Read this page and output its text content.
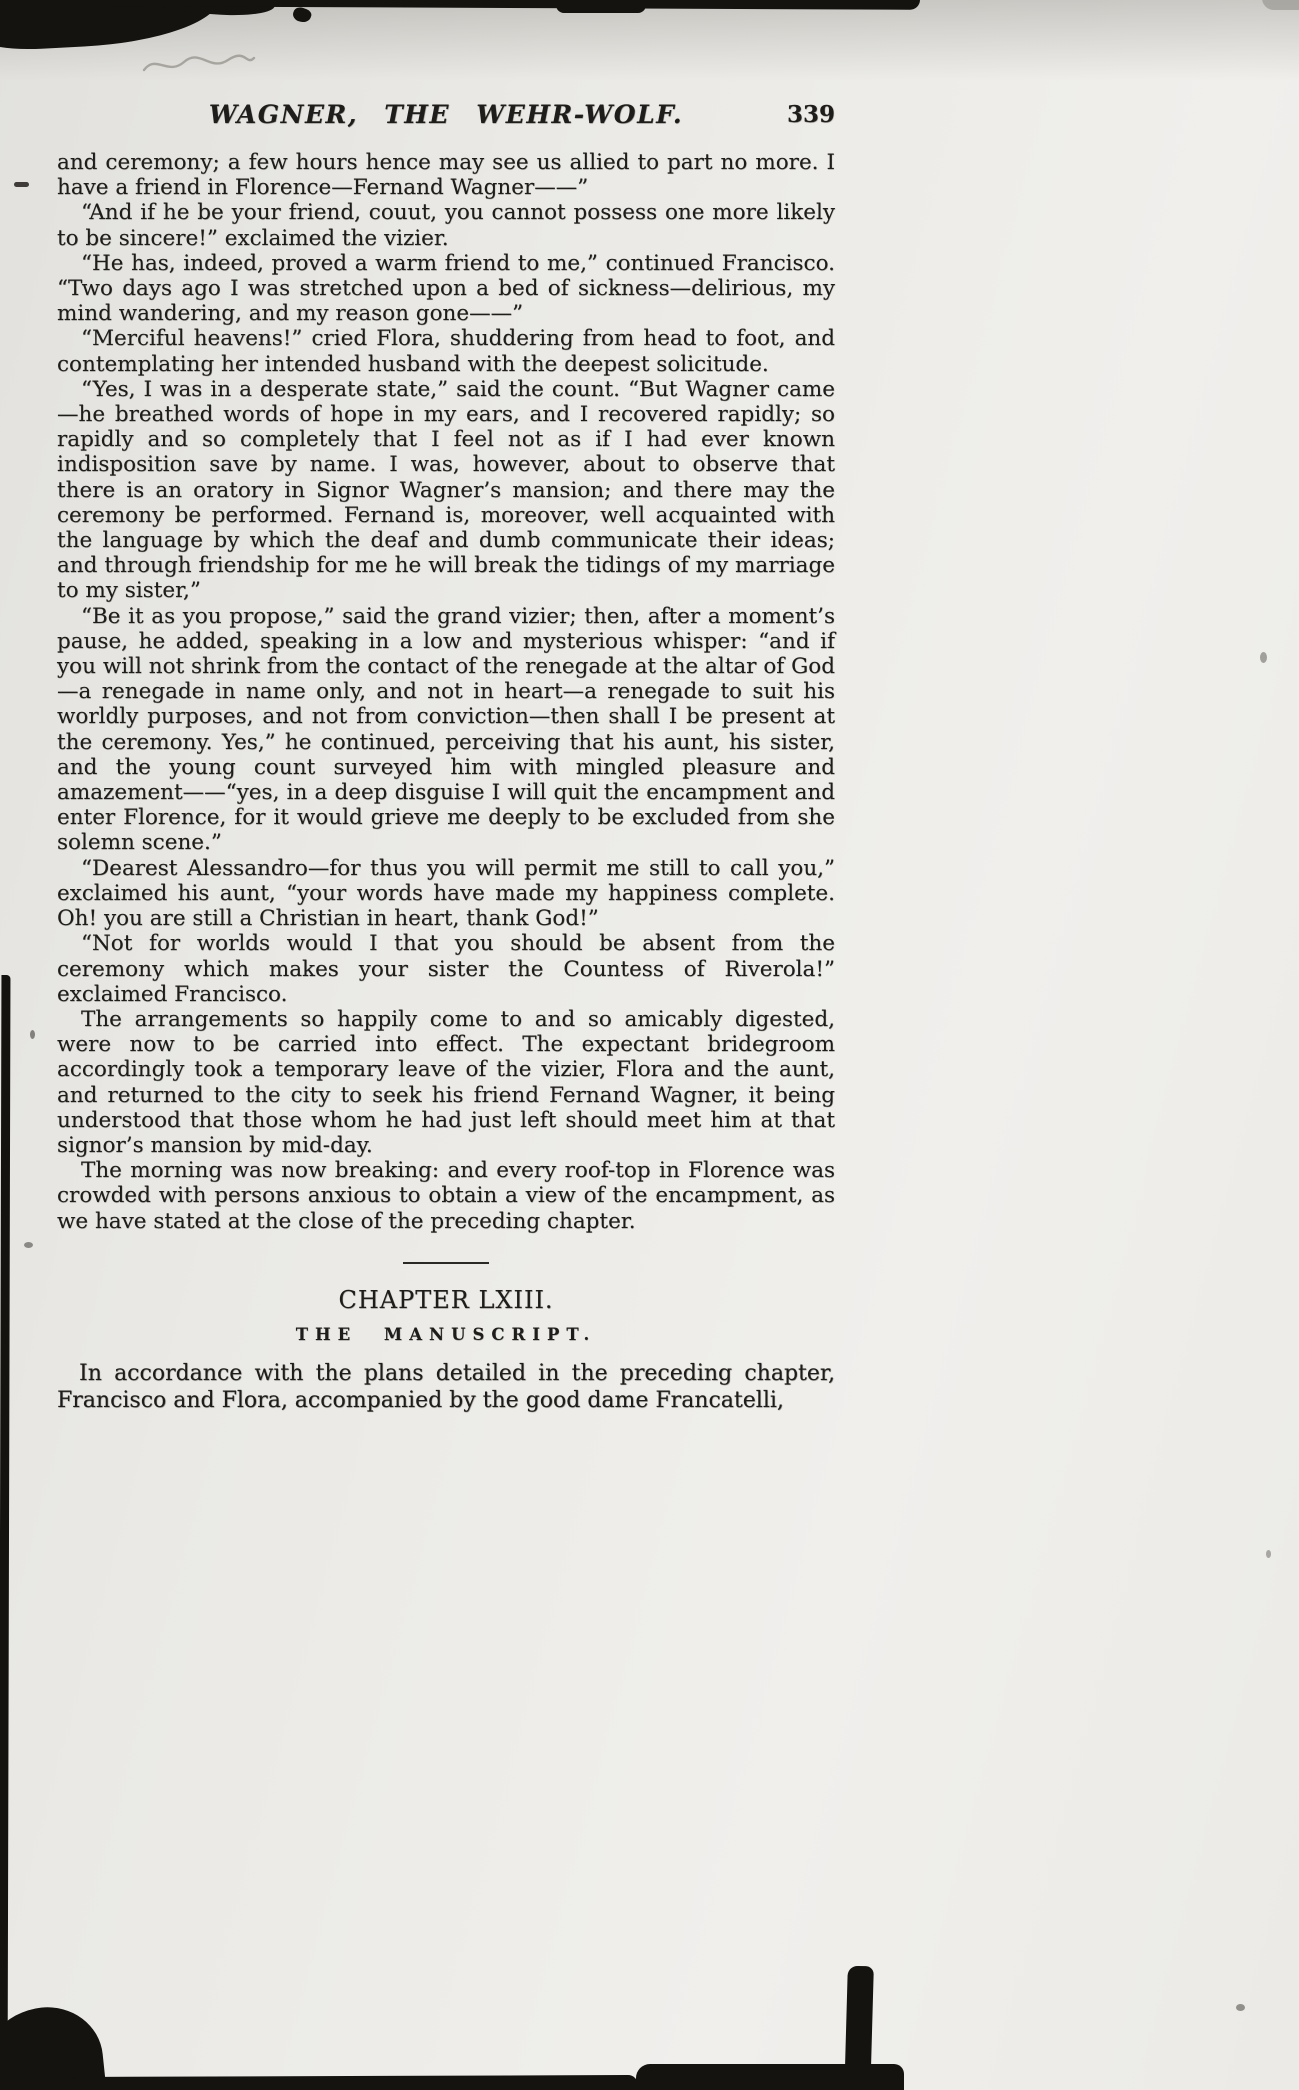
WAGNER, THE WEHR-WOLF.	339

and ceremony; a few hours hence may see us allied to part no more. I have a friend in Florence—Fernand Wagner——”

“And if he be your friend, couut, you cannot possess one more likely to be sincere!” exclaimed the vizier.

“He has, indeed, proved a warm friend to me,” continued Francisco. “Two days ago I was stretched upon a bed of sickness—delirious, my mind wandering, and my reason gone——”

“Merciful heavens!” cried Flora, shuddering from head to foot, and contemplating her intended husband with the deepest solicitude.

“Yes, I was in a desperate state,” said the count. “But Wagner came—he breathed words of hope in my ears, and I recovered rapidly; so rapidly and so completely that I feel not as if I had ever known indisposition save by name. I was, however, about to observe that there is an oratory in Signor Wagner’s mansion; and there may the ceremony be performed. Fernand is, moreover, well acquainted with the language by which the deaf and dumb communicate their ideas; and through friendship for me he will break the tidings of my marriage to my sister,”

“Be it as you propose,” said the grand vizier; then, after a moment’s pause, he added, speaking in a low and mysterious whisper: “and if you will not shrink from the contact of the renegade at the altar of God—a renegade in name only, and not in heart—a renegade to suit his worldly purposes, and not from conviction—then shall I be present at the ceremony. Yes,” he continued, perceiving that his aunt, his sister, and the young count surveyed him with mingled pleasure and amazement——“yes, in a deep disguise I will quit the encampment and enter Florence, for it would grieve me deeply to be excluded from she solemn scene.”

“Dearest Alessandro—for thus you will permit me still to call you,” exclaimed his aunt, “your words have made my happiness complete. Oh! you are still a Christian in heart, thank God!”

“Not for worlds would I that you should be absent from the ceremony which makes your sister the Countess of Riverola!” exclaimed Francisco.

The arrangements so happily come to and so amicably digested, were now to be carried into effect. The expectant bridegroom accordingly took a temporary leave of the vizier, Flora and the aunt, and returned to the city to seek his friend Fernand Wagner, it being understood that those whom he had just left should meet him at that signor’s mansion by mid-day.

The morning was now breaking: and every roof-top in Florence was crowded with persons anxious to obtain a view of the encampment, as we have stated at the close of the preceding chapter.

CHAPTER LXIII.
THE MANUSCRIPT.

In accordance with the plans detailed in the preceding chapter, Francisco and Flora, accompanied by the good dame Francatelli,
